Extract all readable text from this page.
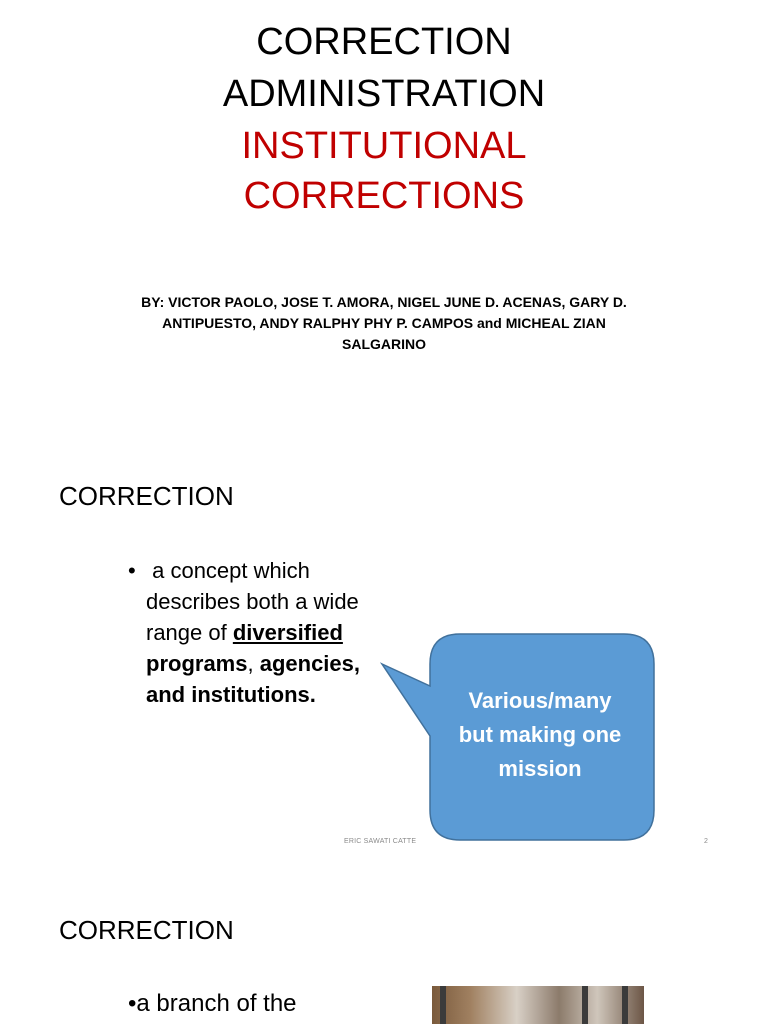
CORRECTION
ADMINISTRATION
INSTITUTIONAL
CORRECTIONS
BY: VICTOR PAOLO, JOSE T. AMORA, NIGEL JUNE D. ACENAS, GARY D.
ANTIPUESTO, ANDY RALPHY PHY P. CAMPOS and MICHEAL ZIAN
SALGARINO
CORRECTION
• a concept which
describes both a wide
range of diversified
programs, agencies,
and institutions.	Various/many
but making one
mission
ERIC SAWATI CATTE	2
CORRECTION
•a branch of the
